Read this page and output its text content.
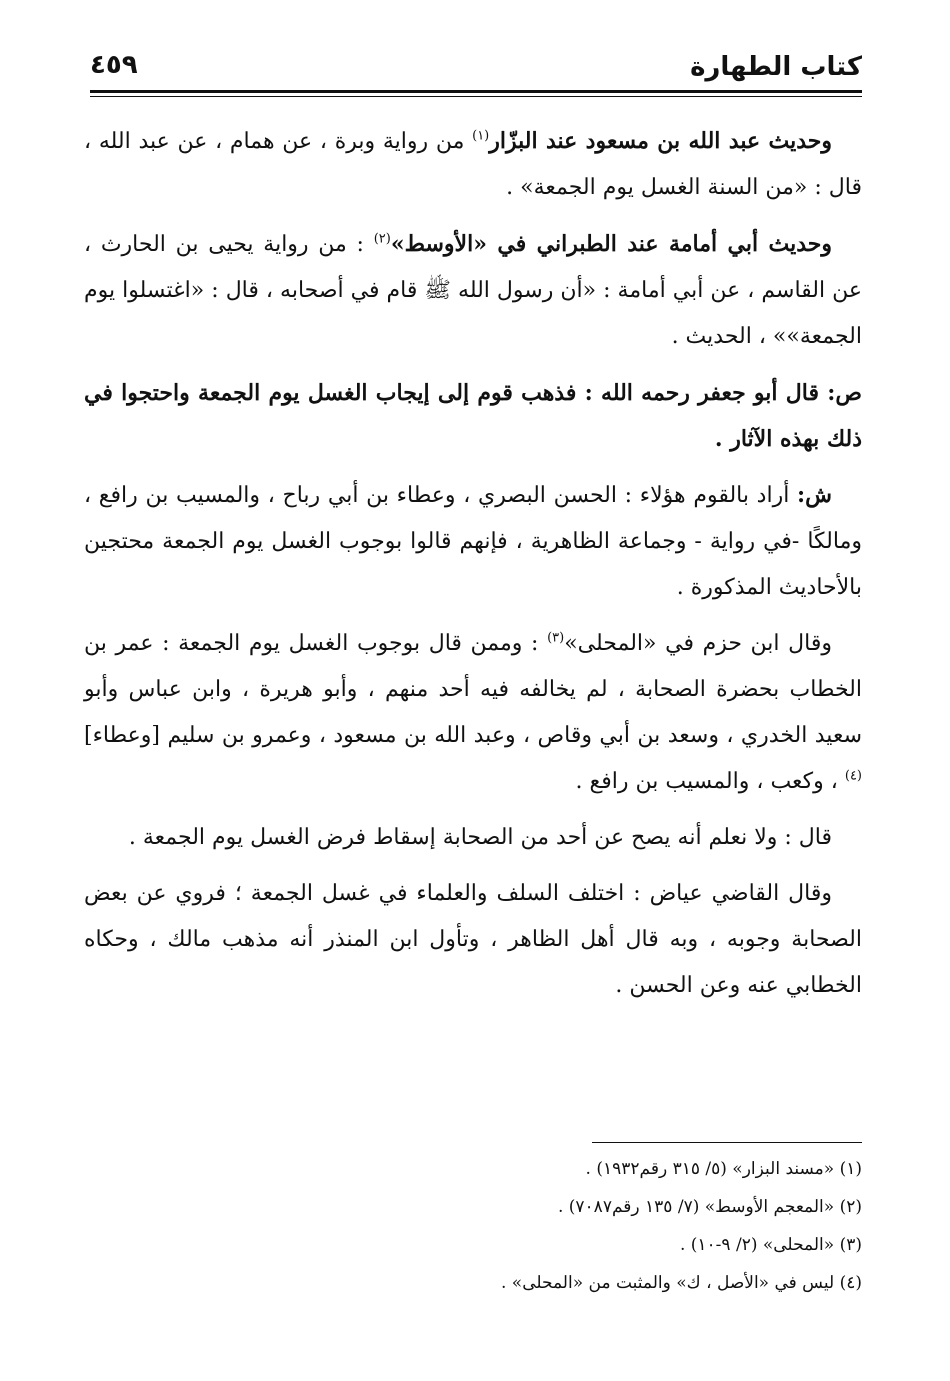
كتاب الطهارة
٤٥٩

وحديث عبد الله بن مسعود عند البزّار$^{(١)}$ من رواية وبرة ، عن همام ، عن عبد الله ، قال : «من السنة الغسل يوم الجمعة» .

وحديث أبي أمامة عند الطبراني في «الأوسط»$^{(٢)}$ : من رواية يحيى بن الحارث ، عن القاسم ، عن أبي أمامة : «أن رسول الله ﷺ قام في أصحابه ، قال : «اغتسلوا يوم الجمعة»» ، الحديث .

ص: قال أبو جعفر رحمه الله : فذهب قوم إلى إيجاب الغسل يوم الجمعة واحتجوا في ذلك بهذه الآثار .

ش: أراد بالقوم هؤلاء : الحسن البصري ، وعطاء بن أبي رباح ، والمسيب بن رافع ، ومالكًا -في رواية - وجماعة الظاهرية ، فإنهم قالوا بوجوب الغسل يوم الجمعة محتجين بالأحاديث المذكورة .

وقال ابن حزم في «المحلى»$^{(٣)}$ : وممن قال بوجوب الغسل يوم الجمعة : عمر بن الخطاب بحضرة الصحابة ، لم يخالفه فيه أحد منهم ، وأبو هريرة ، وابن عباس وأبو سعيد الخدري ، وسعد بن أبي وقاص ، وعبد الله بن مسعود ، وعمرو بن سليم [وعطاء]$^{(٤)}$ ، وكعب ، والمسيب بن رافع .

قال : ولا نعلم أنه يصح عن أحد من الصحابة إسقاط فرض الغسل يوم الجمعة .

وقال القاضي عياض : اختلف السلف والعلماء في غسل الجمعة ؛ فروي عن بعض الصحابة وجوبه ، وبه قال أهل الظاهر ، وتأول ابن المنذر أنه مذهب مالك ، وحكاه الخطابي عنه وعن الحسن .

(١) «مسند البزار» (٥/ ٣١٥ رقم١٩٣٢) .

(٢) «المعجم الأوسط» (٧/ ١٣٥ رقم٧٠٨٧) .

(٣) «المحلى» (٢/ ٩-١٠) .

(٤) ليس في «الأصل ، ك» والمثبت من «المحلى» .
